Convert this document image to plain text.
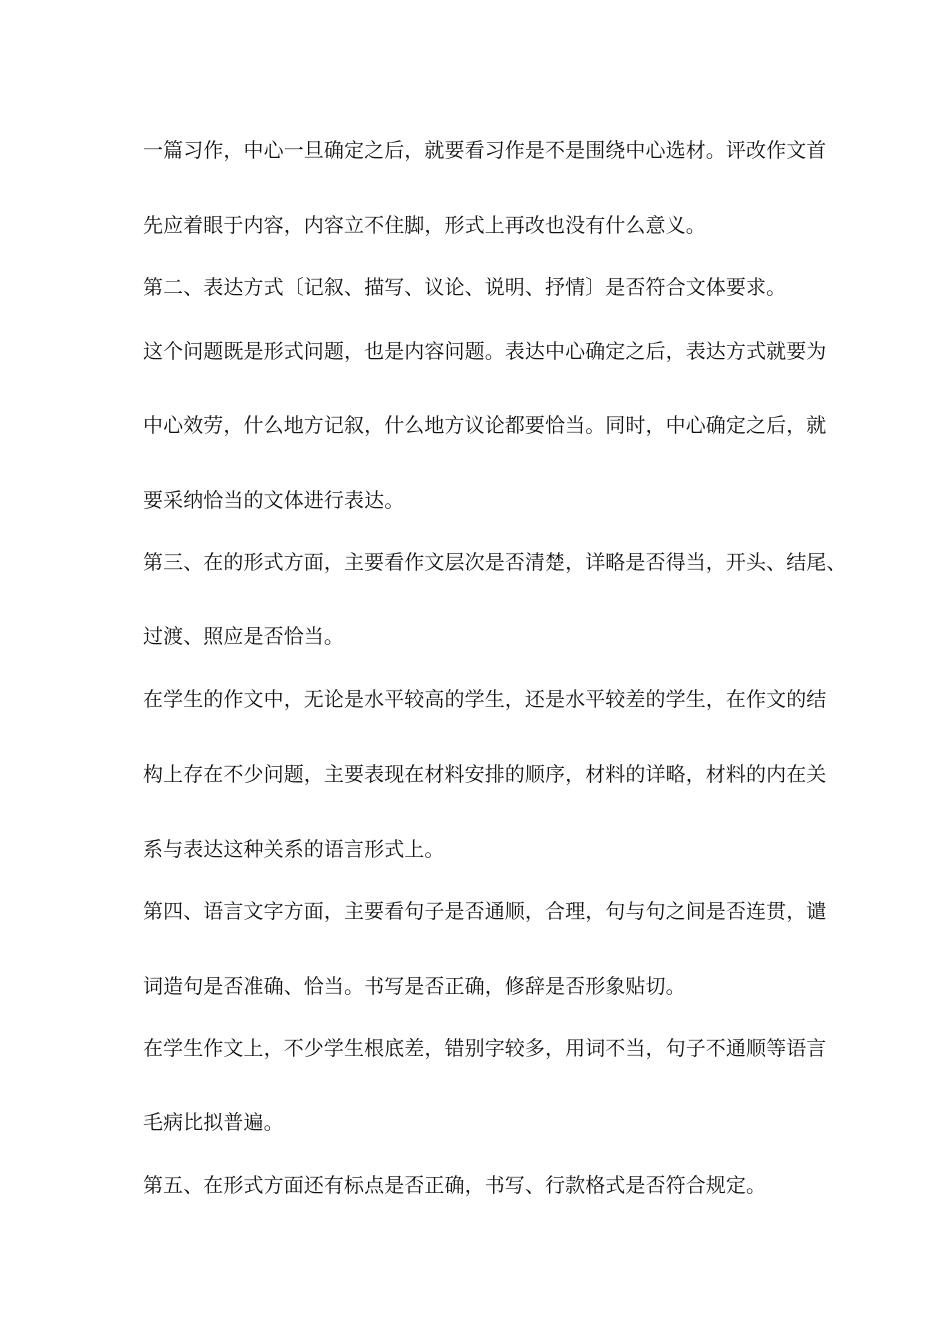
一篇习作，中心一旦确定之后，就要看习作是不是围绕中心选材。评改作文首
先应着眼于内容，内容立不住脚，形式上再改也没有什么意义。
第二、表达方式〔记叙、描写、议论、说明、抒情〕是否符合文体要求。
这个问题既是形式问题，也是内容问题。表达中心确定之后，表达方式就要为
中心效劳，什么地方记叙，什么地方议论都要恰当。同时，中心确定之后，就
要采纳恰当的文体进行表达。
第三、在的形式方面，主要看作文层次是否清楚，详略是否得当，开头、结尾、
过渡、照应是否恰当。
在学生的作文中，无论是水平较高的学生，还是水平较差的学生，在作文的结
构上存在不少问题，主要表现在材料安排的顺序，材料的详略，材料的内在关
系与表达这种关系的语言形式上。
第四、语言文字方面，主要看句子是否通顺，合理，句与句之间是否连贯，谴
词造句是否准确、恰当。书写是否正确，修辞是否形象贴切。
在学生作文上，不少学生根底差，错别字较多，用词不当，句子不通顺等语言
毛病比拟普遍。
第五、在形式方面还有标点是否正确，书写、行款格式是否符合规定。
